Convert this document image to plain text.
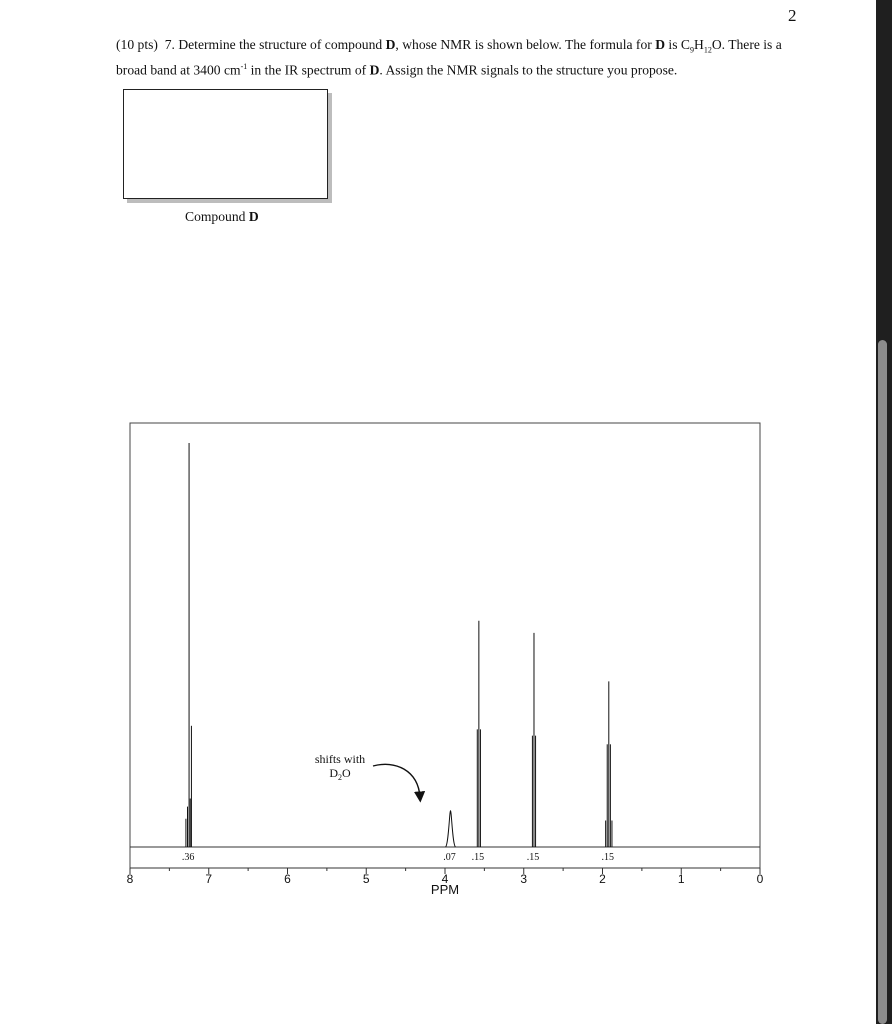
2
(10 pts) 7. Determine the structure of compound D, whose NMR is shown below. The formula for D is $C_9H_{12}O$. There is a broad band at 3400 $cm^{-1}$ in the IR spectrum of D. Assign the NMR signals to the structure you propose.
Compound D
.36	.07 .15	.15	.15
8	7	6	5	4	3	2	1	0
PPM
shifts with
$D_2O$
